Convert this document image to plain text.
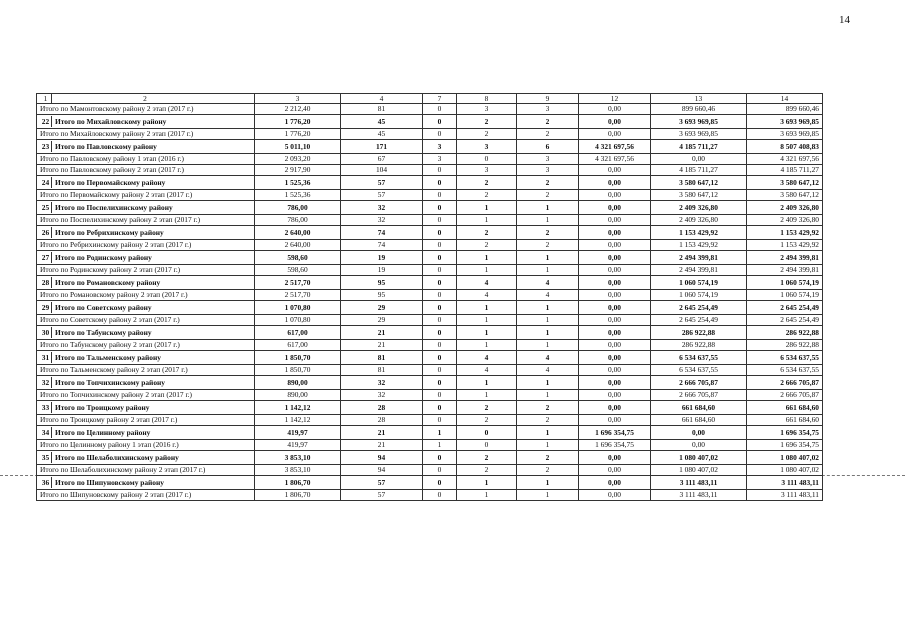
14
1 2	3	4	7	8	9	12	13	14
Итого по Мамонтовскому району 2 этап (2017 г.)	2 212,40	81	0	3	3	0,00	899 660,46	899 660,46
22 Итого по Михайловскому району	1 776,20	45	0	2	2	0,00	3 693 969,85	3 693 969,85
Итого по Михайловскому району 2 этап (2017 г.)	1 776,20	45	0	2	2	0,00	3 693 969,85	3 693 969,85
23 Итого по Павловскому району	5 011,10	171	3	3	6	4 321 697,56	4 185 711,27	8 507 408,83
Итого по Павловскому району 1 этап (2016 г.)	2 093,20	67	3	0	3	4 321 697,56	0,00	4 321 697,56
Итого по Павловскому району 2 этап (2017 г.)	2 917,90	104	0	3	3	0,00	4 185 711,27	4 185 711,27
24 Итого по Первомайскому району	1 525,36	57	0	2	2	0,00	3 580 647,12	3 580 647,12
Итого по Первомайскому району 2 этап (2017 г.)	1 525,36	57	0	2	2	0,00	3 580 647,12	3 580 647,12
25 Итого по Поспелихинскому району	786,00	32	0	1	1	0,00	2 409 326,80	2 409 326,80
Итого по Поспелихинскому району 2 этап (2017 г.)	786,00	32	0	1	1	0,00	2 409 326,80	2 409 326,80
26 Итого по Ребрихинскому району	2 640,00	74	0	2	2	0,00	1 153 429,92	1 153 429,92
Итого по Ребрихинскому району 2 этап (2017 г.)	2 640,00	74	0	2	2	0,00	1 153 429,92	1 153 429,92
27 Итого по Родинскому району	598,60	19	0	1	1	0,00	2 494 399,81	2 494 399,81
Итого по Родинскому району 2 этап (2017 г.)	598,60	19	0	1	1	0,00	2 494 399,81	2 494 399,81
28 Итого по Романовскому району	2 517,70	95	0	4	4	0,00	1 060 574,19	1 060 574,19
Итого по Романовскому району 2 этап (2017 г.)	2 517,70	95	0	4	4	0,00	1 060 574,19	1 060 574,19
29 Итого по Советскому району	1 070,80	29	0	1	1	0,00	2 645 254,49	2 645 254,49
Итого по Советскому району 2 этап (2017 г.)	1 070,80	29	0	1	1	0,00	2 645 254,49	2 645 254,49
30 Итого по Табунскому району	617,00	21	0	1	1	0,00	286 922,88	286 922,88
Итого по Табунскому району 2 этап (2017 г.)	617,00	21	0	1	1	0,00	286 922,88	286 922,88
31 Итого по Тальменскому району	1 850,70	81	0	4	4	0,00	6 534 637,55	6 534 637,55
Итого по Тальменскому району 2 этап (2017 г.)	1 850,70	81	0	4	4	0,00	6 534 637,55	6 534 637,55
32 Итого по Топчихинскому району	890,00	32	0	1	1	0,00	2 666 705,87	2 666 705,87
Итого по Топчихинскому району 2 этап (2017 г.)	890,00	32	0	1	1	0,00	2 666 705,87	2 666 705,87
33 Итого по Троицкому району	1 142,12	28	0	2	2	0,00	661 684,60	661 684,60
Итого по Троицкому району 2 этап (2017 г.)	1 142,12	28	0	2	2	0,00	661 684,60	661 684,60
34 Итого по Целинному району	419,97	21	1	0	1	1 696 354,75	0,00	1 696 354,75
Итого по Целинному району 1 этап (2016 г.)	419,97	21	1	0	1	1 696 354,75	0,00	1 696 354,75
35 Итого по Шелаболихинскому району	3 853,10	94	0	2	2	0,00	1 080 407,02	1 080 407,02
Итого по Шелаболихинскому району 2 этап (2017 г.)	3 853,10	94	0	2	2	0,00	1 080 407,02	1 080 407,02
36 Итого по Шипуновскому району	1 806,70	57	0	1	1	0,00	3 111 483,11	3 111 483,11
Итого по Шипуновскому району 2 этап (2017 г.)	1 806,70	57	0	1	1	0,00	3 111 483,11	3 111 483,11
